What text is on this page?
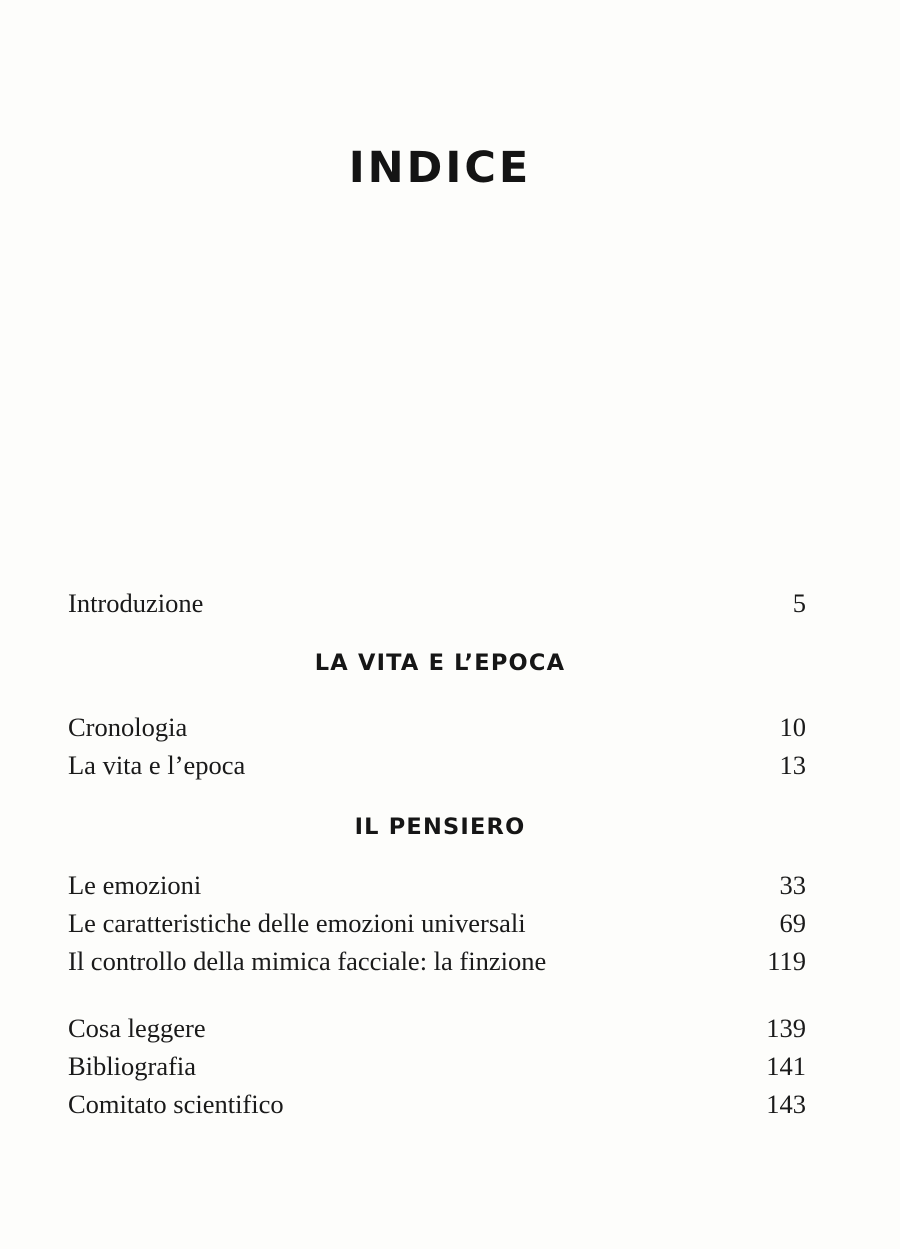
INDICE
Introduzione	5
LA VITA E L’EPOCA
Cronologia	10
La vita e l’epoca	13
IL PENSIERO
Le emozioni	33
Le caratteristiche delle emozioni universali	69
Il controllo della mimica facciale: la finzione	119
Cosa leggere	139
Bibliografia	141
Comitato scientifico	143
